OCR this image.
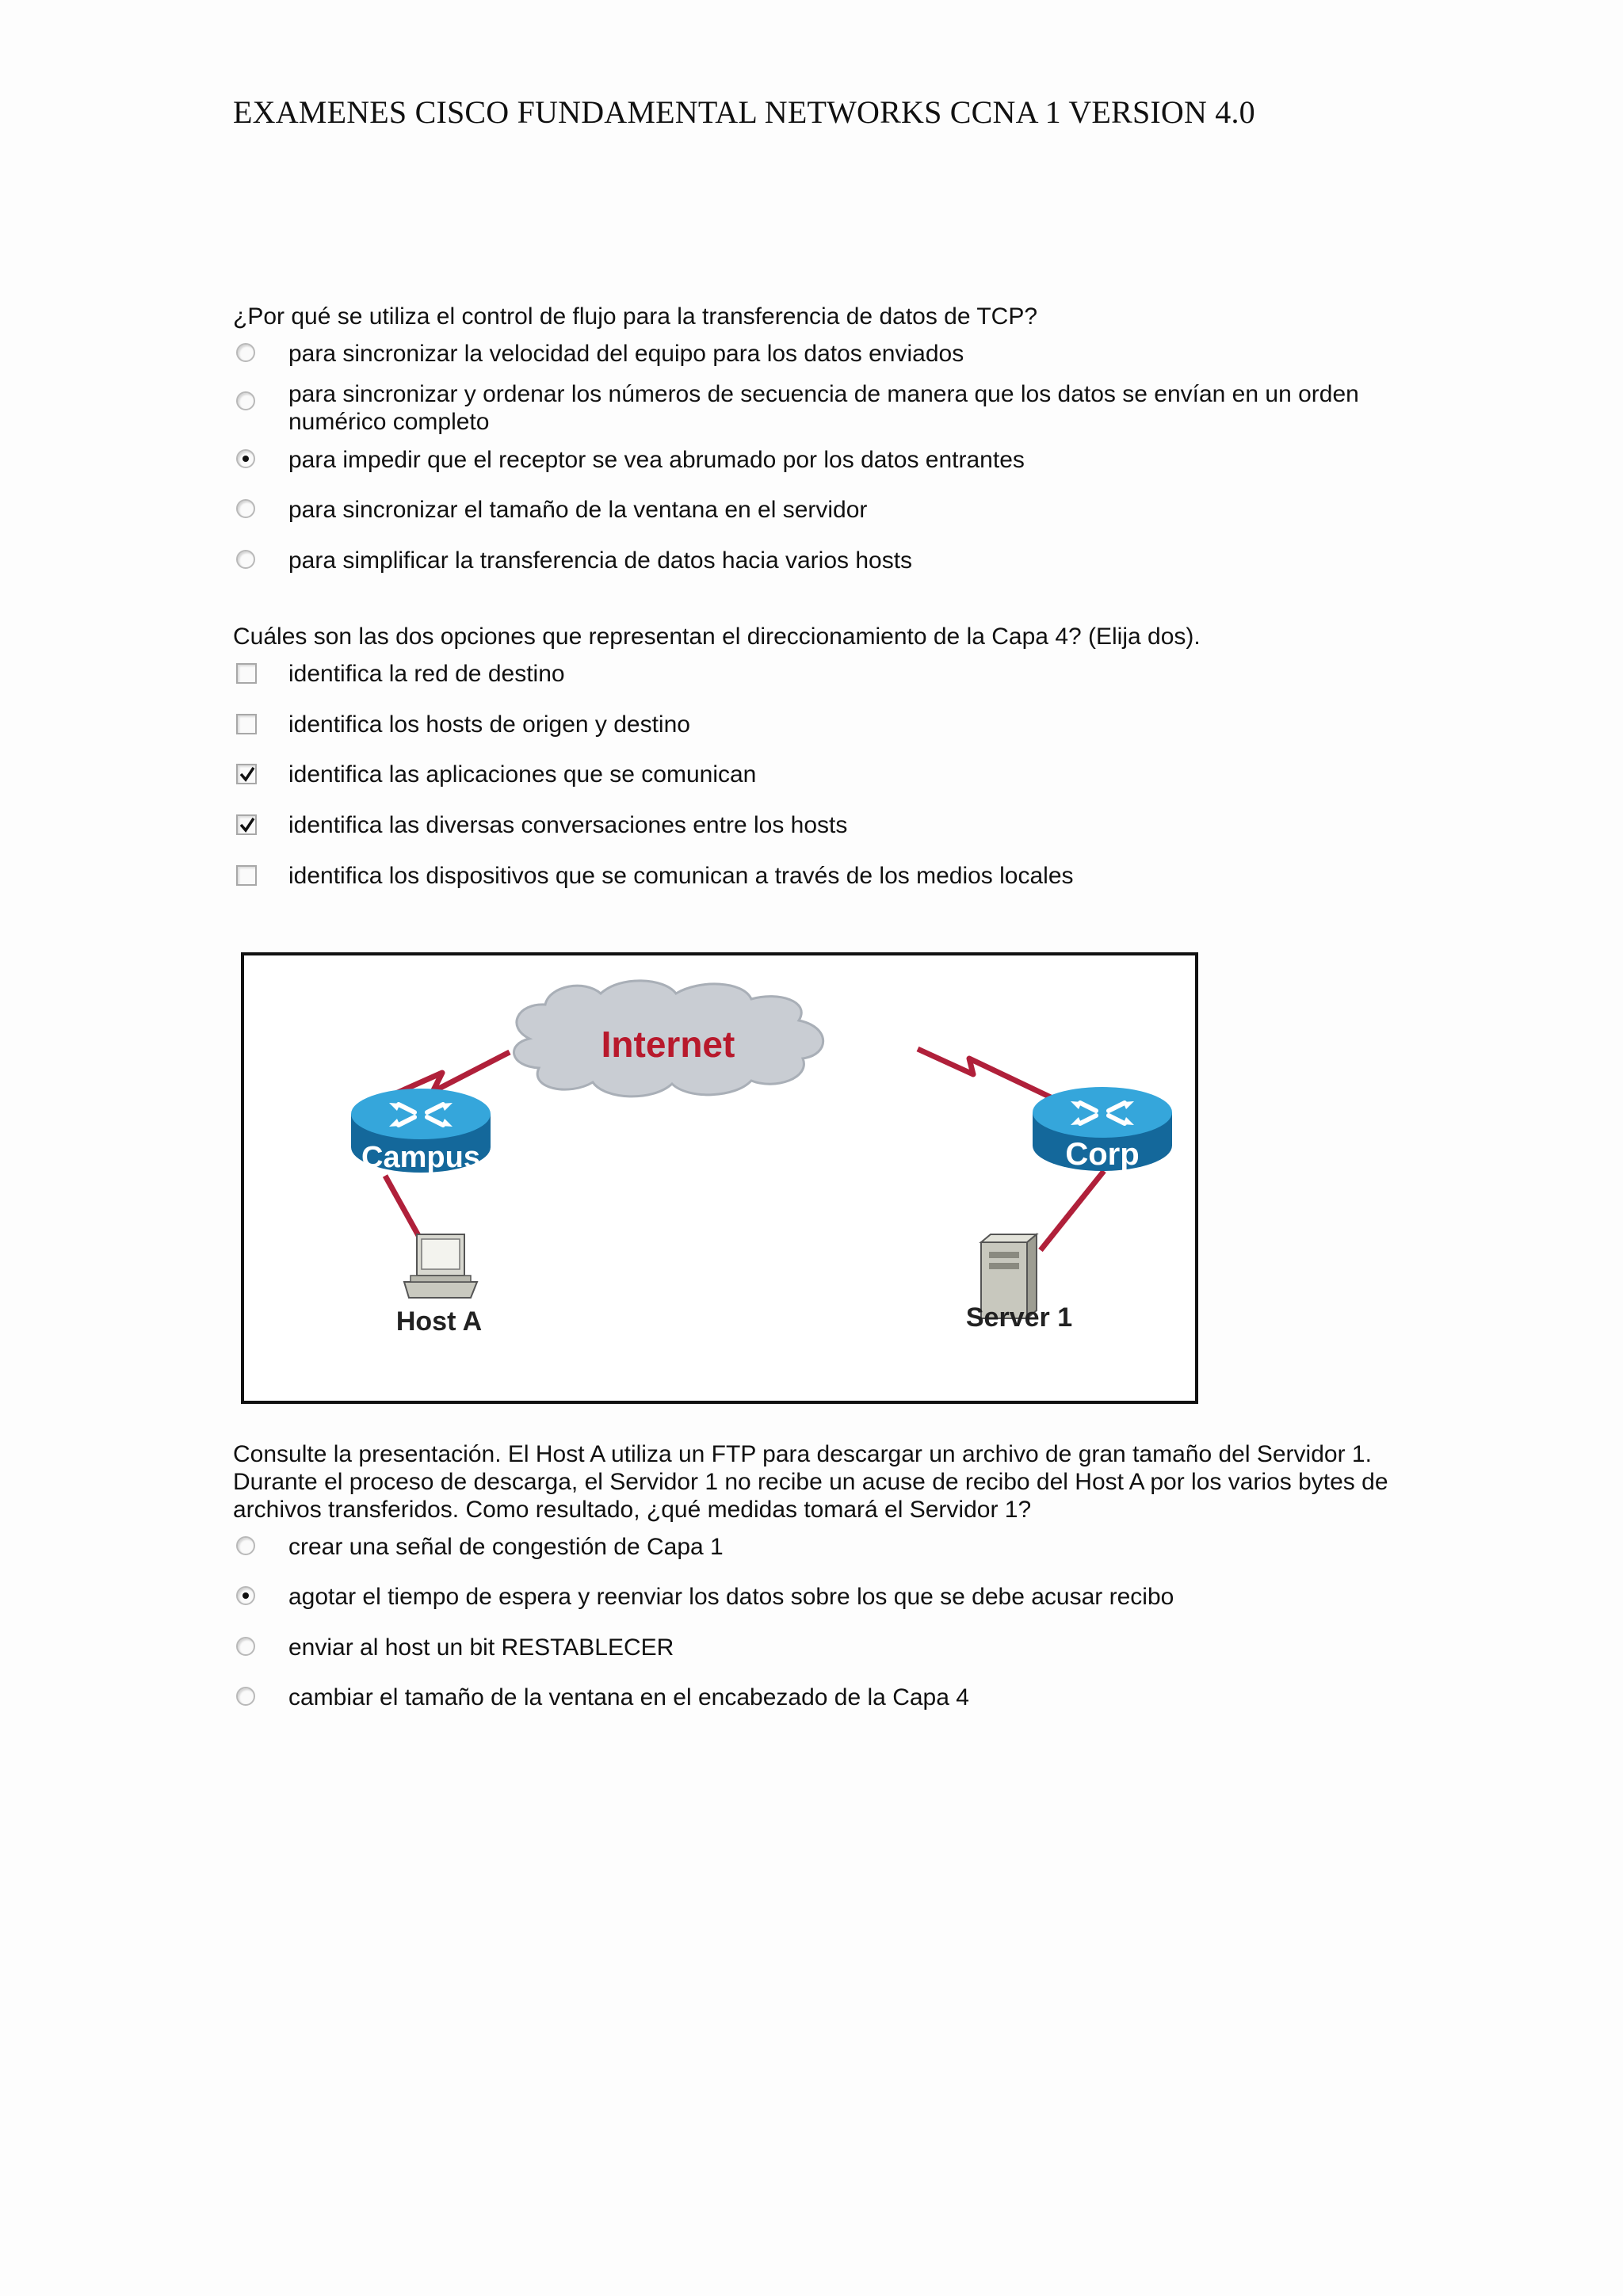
EXAMENES CISCO FUNDAMENTAL NETWORKS CCNA 1 VERSION 4.0
¿Por qué se utiliza el control de flujo para la transferencia de datos de TCP?
para sincronizar la velocidad del equipo para los datos enviados
para sincronizar y ordenar los números de secuencia de manera que los datos se envían en un orden numérico completo
para impedir que el receptor se vea abrumado por los datos entrantes
para sincronizar el tamaño de la ventana en el servidor
para simplificar la transferencia de datos hacia varios hosts
Cuáles son las dos opciones que representan el direccionamiento de la Capa 4? (Elija dos).
identifica la red de destino
identifica los hosts de origen y destino
identifica las aplicaciones que se comunican
identifica las diversas conversaciones entre los hosts
identifica los dispositivos que se comunican a través de los medios locales
Internet
Campus	Corp
Host A	Server 1
Consulte la presentación. El Host A utiliza un FTP para descargar un archivo de gran tamaño del Servidor 1. Durante el proceso de descarga, el Servidor 1 no recibe un acuse de recibo del Host A por los varios bytes de archivos transferidos. Como resultado, ¿qué medidas tomará el Servidor 1?
crear una señal de congestión de Capa 1
agotar el tiempo de espera y reenviar los datos sobre los que se debe acusar recibo
enviar al host un bit RESTABLECER
cambiar el tamaño de la ventana en el encabezado de la Capa 4
